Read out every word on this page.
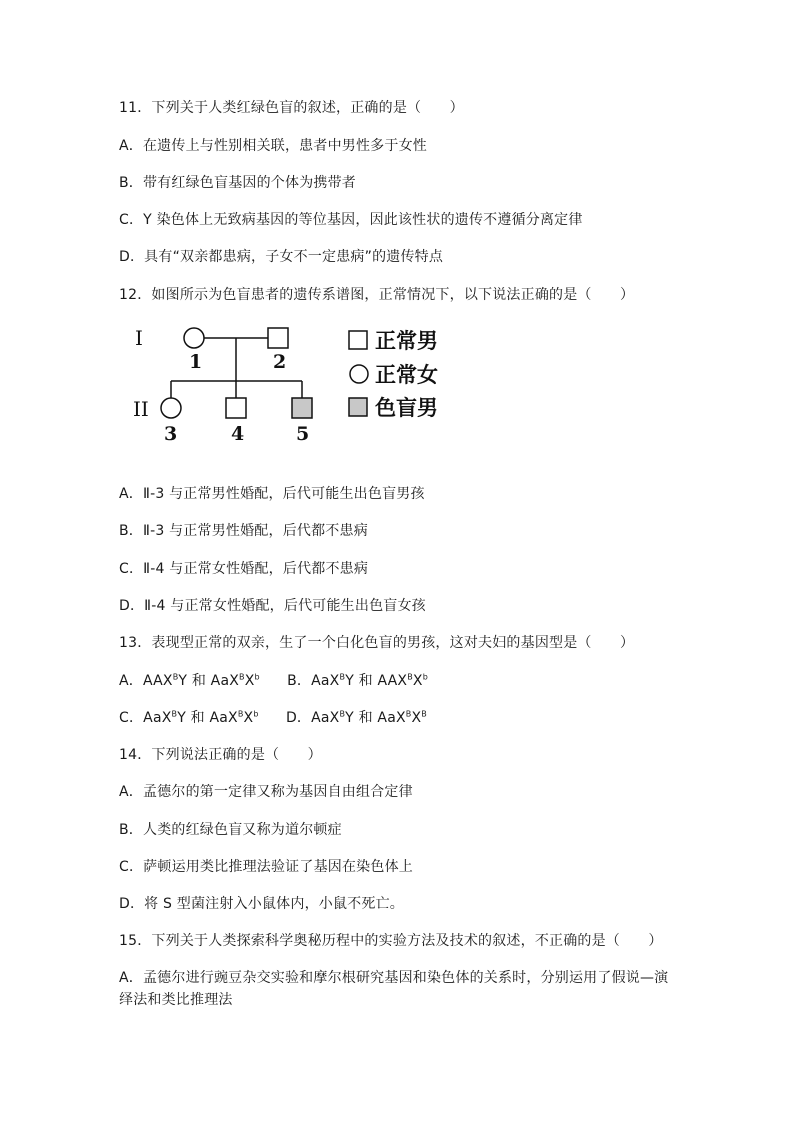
11．下列关于人类红绿色盲的叙述，正确的是（　　）
A．在遗传上与性别相关联，患者中男性多于女性
B．带有红绿色盲基因的个体为携带者
C．Y 染色体上无致病基因的等位基因，因此该性状的遗传不遵循分离定律
D．具有“双亲都患病，子女不一定患病”的遗传特点
12．如图所示为色盲患者的遗传系谱图，正常情况下，以下说法正确的是（　　）
I
II
1	2
3	4	5
正常男
正常女
色盲男
A．Ⅱ-3 与正常男性婚配，后代可能生出色盲男孩
B．Ⅱ-3 与正常男性婚配，后代都不患病
C．Ⅱ-4 与正常女性婚配，后代都不患病
D．Ⅱ-4 与正常女性婚配，后代可能生出色盲女孩
13．表现型正常的双亲，生了一个白化色盲的男孩，这对夫妇的基因型是（　　）
A．$AAX^BY$ 和 $AaX^BX^b$ B．AaX$^B$Y 和 $AAX^BX^b$
C．AaX$^B$Y 和 $AaX^BX^b$ D．AaX$^B$Y 和 $AaX^BX^B$
14．下列说法正确的是（　　）
A．孟德尔的第一定律又称为基因自由组合定律
B．人类的红绿色盲又称为道尔顿症
C．萨顿运用类比推理法验证了基因在染色体上
D．将 S 型菌注射入小鼠体内，小鼠不死亡。
15．下列关于人类探索科学奥秘历程中的实验方法及技术的叙述，不正确的是（　　）
A．孟德尔进行豌豆杂交实验和摩尔根研究基因和染色体的关系时，分别运用了假说—演绎法和类比推理法
